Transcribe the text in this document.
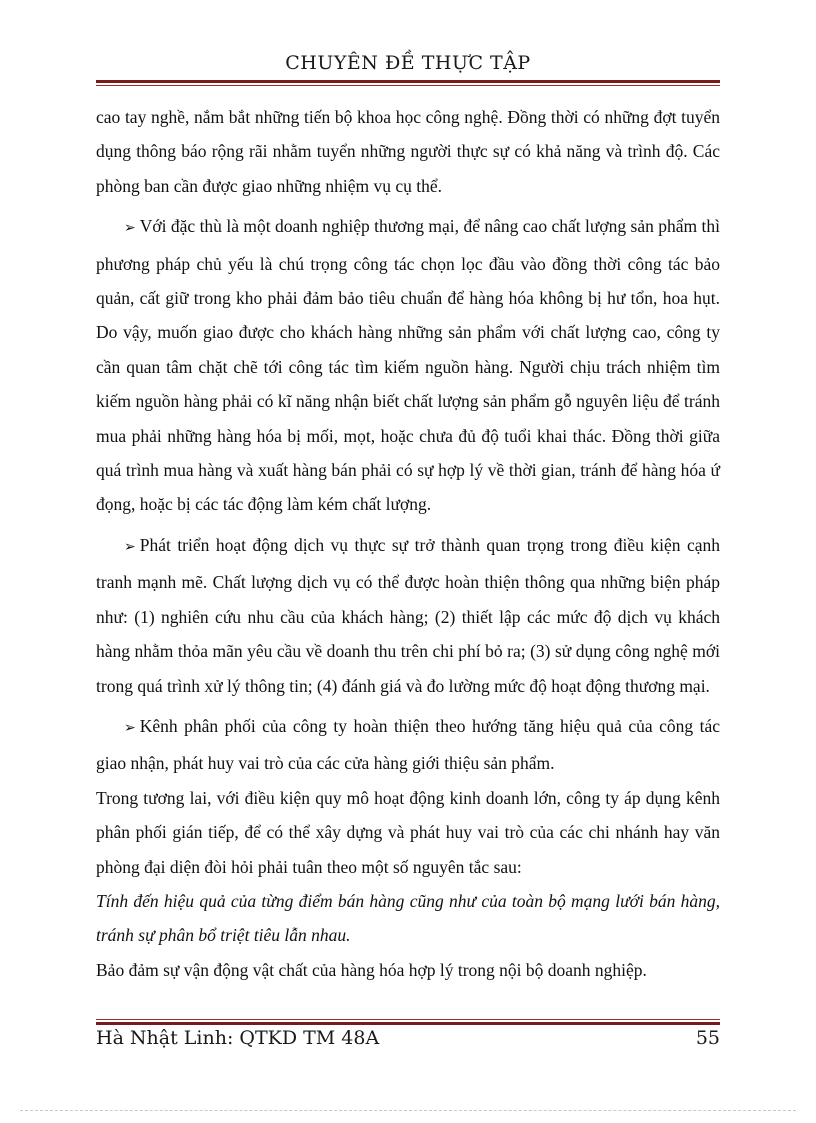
CHUYÊN ĐỀ THỰC TẬP

cao tay nghề, nắm bắt những tiến bộ khoa học công nghệ. Đồng thời có những đợt tuyển dụng thông báo rộng rãi nhằm tuyển những người thực sự có khả năng và trình độ. Các phòng ban cần được giao những nhiệm vụ cụ thể.

➢ Với đặc thù là một doanh nghiệp thương mại, để nâng cao chất lượng sản phẩm thì phương pháp chủ yếu là chú trọng công tác chọn lọc đầu vào đồng thời công tác bảo quản, cất giữ trong kho phải đảm bảo tiêu chuẩn để hàng hóa không bị hư tổn, hoa hụt. Do vậy, muốn giao được cho khách hàng những sản phẩm với chất lượng cao, công ty cần quan tâm chặt chẽ tới công tác tìm kiếm nguồn hàng. Người chịu trách nhiệm tìm kiếm nguồn hàng phải có kĩ năng nhận biết chất lượng sản phẩm gỗ nguyên liệu để tránh mua phải những hàng hóa bị mối, mọt, hoặc chưa đủ độ tuổi khai thác. Đồng thời giữa quá trình mua hàng và xuất hàng bán phải có sự hợp lý về thời gian, tránh để hàng hóa ứ đọng, hoặc bị các tác động làm kém chất lượng.

➢ Phát triển hoạt động dịch vụ thực sự trở thành quan trọng trong điều kiện cạnh tranh mạnh mẽ. Chất lượng dịch vụ có thể được hoàn thiện thông qua những biện pháp như: (1) nghiên cứu nhu cầu của khách hàng; (2) thiết lập các mức độ dịch vụ khách hàng nhằm thỏa mãn yêu cầu về doanh thu trên chi phí bỏ ra; (3) sử dụng công nghệ mới trong quá trình xử lý thông tin; (4) đánh giá và đo lường mức độ hoạt động thương mại.

➢ Kênh phân phối của công ty hoàn thiện theo hướng tăng hiệu quả của công tác giao nhận, phát huy vai trò của các cửa hàng giới thiệu sản phẩm.

Trong tương lai, với điều kiện quy mô hoạt động kinh doanh lớn, công ty áp dụng kênh phân phối gián tiếp, để có thể xây dựng và phát huy vai trò của các chi nhánh hay văn phòng đại diện đòi hỏi phải tuân theo một số nguyên tắc sau:

Tính đến hiệu quả của từng điểm bán hàng cũng như của toàn bộ mạng lưới bán hàng, tránh sự phân bổ triệt tiêu lẫn nhau.

Bảo đảm sự vận động vật chất của hàng hóa hợp lý trong nội bộ doanh nghiệp.

Hà Nhật Linh: QTKD TM 48A	55
